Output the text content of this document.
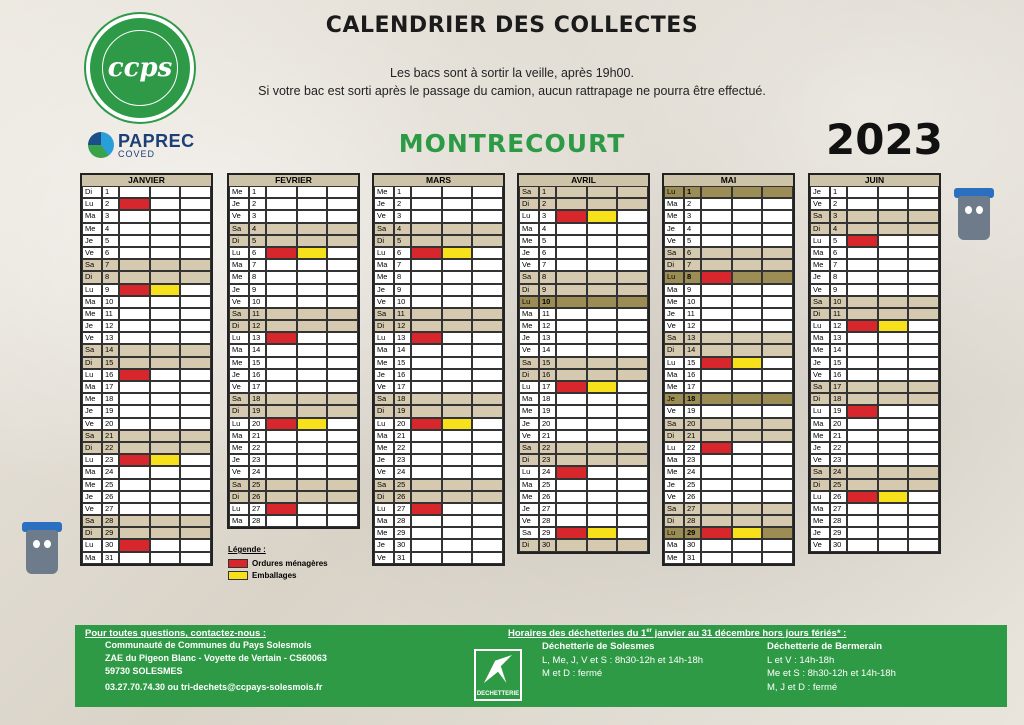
ccps
PAPREC
COVED
CALENDRIER DES COLLECTES
Les bacs sont à sortir la veille, après 19h00.
Si votre bac est sorti après le passage du camion, aucun rattrapage ne pourra être effectué.
MONTRECOURT	2023
JANVIER
Di	1
Lu	2
Ma	3
Me	4
Je	5
Ve	6
Sa	7
Di	8
Lu	9
Ma	10
Me	11
Je	12
Ve	13
Sa	14
Di	15
Lu	16
Ma	17
Me	18
Je	19
Ve	20
Sa	21
Di	22
Lu	23
Ma	24
Me	25
Je	26
Ve	27
Sa	28
Di	29
Lu	30
Ma	31
FEVRIER
Me	1
Je	2
Ve	3
Sa	4
Di	5
Lu	6
Ma	7
Me	8
Je	9
Ve	10
Sa	11
Di	12
Lu	13
Ma	14
Me	15
Je	16
Ve	17
Sa	18
Di	19
Lu	20
Ma	21
Me	22
Je	23
Ve	24
Sa	25
Di	26
Lu	27
Ma	28
MARS
Me	1
Je	2
Ve	3
Sa	4
Di	5
Lu	6
Ma	7
Me	8
Je	9
Ve	10
Sa	11
Di	12
Lu	13
Ma	14
Me	15
Je	16
Ve	17
Sa	18
Di	19
Lu	20
Ma	21
Me	22
Je	23
Ve	24
Sa	25
Di	26
Lu	27
Ma	28
Me	29
Je	30
Ve	31
AVRIL
Sa	1
Di	2
Lu	3
Ma	4
Me	5
Je	6
Ve	7
Sa	8
Di	9
Lu	10
Ma	11
Me	12
Je	13
Ve	14
Sa	15
Di	16
Lu	17
Ma	18
Me	19
Je	20
Ve	21
Sa	22
Di	23
Lu	24
Ma	25
Me	26
Je	27
Ve	28
Sa	29
Di	30
MAI
Lu	1
Ma	2
Me	3
Je	4
Ve	5
Sa	6
Di	7
Lu	8
Ma	9
Me	10
Je	11
Ve	12
Sa	13
Di	14
Lu	15
Ma	16
Me	17
Je	18
Ve	19
Sa	20
Di	21
Lu	22
Ma	23
Me	24
Je	25
Ve	26
Sa	27
Di	28
Lu	29
Ma	30
Me	31
JUIN
Je	1
Ve	2
Sa	3
Di	4
Lu	5
Ma	6
Me	7
Je	8
Ve	9
Sa	10
Di	11
Lu	12
Ma	13
Me	14
Je	15
Ve	16
Sa	17
Di	18
Lu	19
Ma	20
Me	21
Je	22
Ve	23
Sa	24
Di	25
Lu	26
Ma	27
Me	28
Je	29
Ve	30
Légende :
Ordures ménagères
Emballages
Pour toutes questions, contactez-nous :
Communauté de Communes du Pays Solesmois
ZAE du Pigeon Blanc - Voyette de Vertain - CS60063
59730 SOLESMES
03.27.70.74.30 ou tri-dechets@ccpays-solesmois.fr
Horaires des déchetteries du 1er janvier au 31 décembre hors jours fériés* :
DECHETTERIE
Déchetterie de Solesmes
L, Me, J, V et S : 8h30-12h et 14h-18h
M et D : fermé
Déchetterie de Bermerain
L et V : 14h-18h
Me et S : 8h30-12h et 14h-18h
M, J et D : fermé
